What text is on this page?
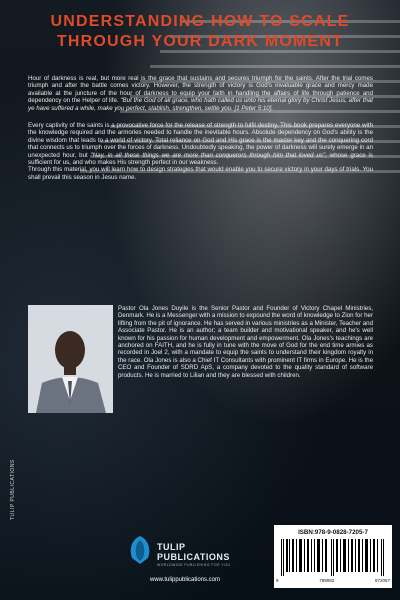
UNDERSTANDING HOW TO SCALE
THROUGH YOUR DARK MOMENT

Hour of darkness is real, but more real is the grace that sustains and secures triumph for the saints. After the trial comes triumph and after the battle comes victory. However, the strength of victory is God's invaluable grace and mercy made available at the juncture of the hour of darkness to equip your faith in handling the affairs of life through patience and dependency on the Helper of life. "But the God of all grace, who hath called us unto his eternal glory by Christ Jesus, after that ye have suffered a while, make you perfect, stablish, strengthen, settle you. [1 Peter 5:10].

Every captivity of the saints is a provocative force for the release of strength to fulfil destiny. This book prepares everyone with the knowledge required and the armories needed to handle the inevitable hours. Absolute dependency on God's ability is the divine wisdom that leads to a world of victory. Total reliance on God and His grace is the master key and the conquering cord that connects us to triumph over the forces of darkness. Undoubtedly speaking, the power of darkness will surely emerge in an unexpected hour, but "Nay, in all these things we are more than conquerors through him that loved us", whose grace is sufficient for us, and who makes His strength perfect in our weakness.

Through this material, you will learn how to design strategies that would enable you to secure victory in your days of trials. You shall prevail this season in Jesus name.

Pastor Ola Jones Duyile is the Senior Pastor and Founder of Victory Chapel Ministries, Denmark. He is a Messenger with a mission to expound the word of knowledge to Zion for her lifting from the pit of ignorance. He has served in various ministries as a Minister, Teacher and Associate Pastor. He is an author; a team builder and motivational speaker, and he's well known for his passion for human development and empowerment. Ola Jones's teachings are anchored on FAITH, and he is fully in tune with the move of God for the end time armies as recorded in Joel 2, with a mandate to equip the saints to understand their kingdom royalty in the race. Ola Jones is also a Chief IT Consultants with prominent IT firms in Europe. He is the CEO and Founder of SDRD ApS, a company devoted to the quality standard of software products. He is married to Lilian and they are blessed with children.

TULIP PUBLICATIONS
TULIP
PUBLICATIONS
WORLDWIDE PUBLISHING FOR YOU
www.tulippublications.com
ISBN:978-9-0828-7205-7
9	789082	872057
